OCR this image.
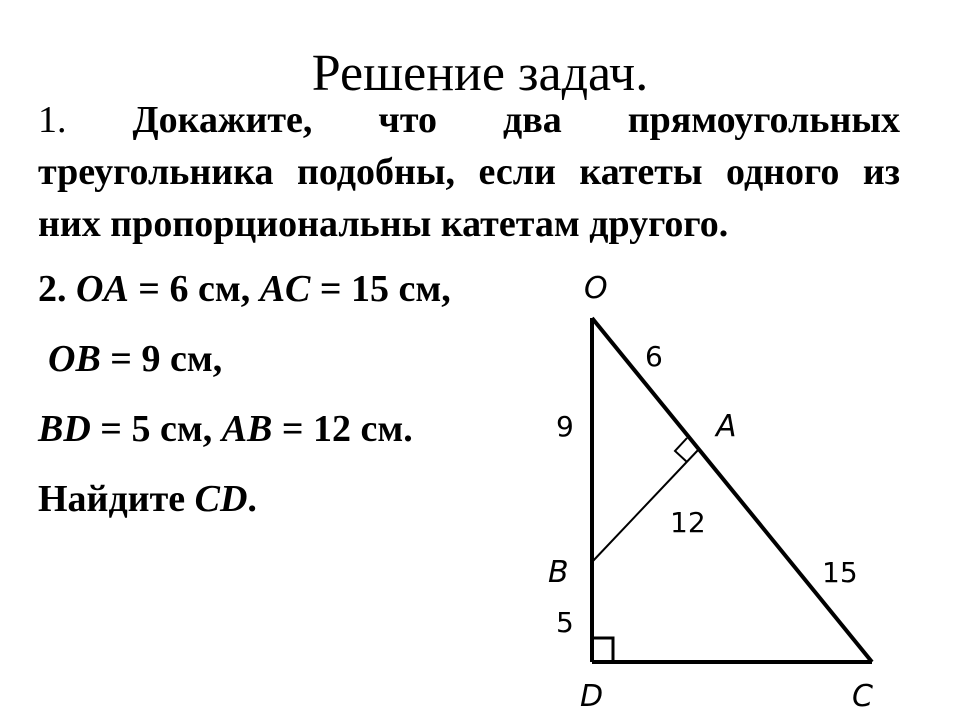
Решение задач.

1. Докажите, что два прямоугольных треугольника подобны, если катеты одного из них пропорциональны катетам другого.

2. OA = 6 см, AC = 15 см,

OB = 9 см,

BD = 5 см, AB = 12 см.

Найдите CD.

O
A
B
D	C
6
9
12
5
15
